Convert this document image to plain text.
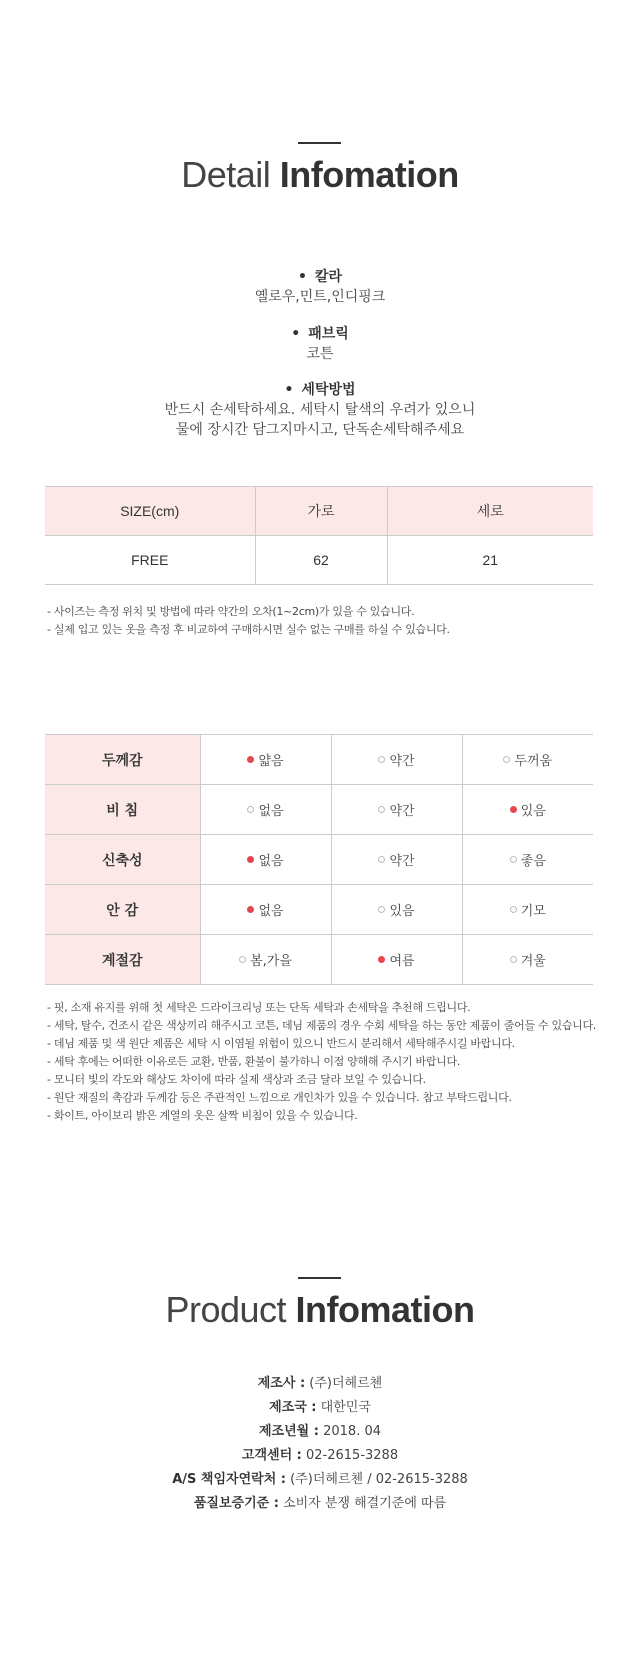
Detail Infomation
• 칼라
옐로우,민트,인디핑크
• 패브릭
코튼
• 세탁방법
반드시 손세탁하세요. 세탁시 탈색의 우려가 있으니
물에 장시간 담그지마시고, 단독손세탁해주세요
SIZE(cm)	가로	세로
FREE	62	21
- 사이즈는 측정 위치 및 방법에 따라 약간의 오차(1~2cm)가 있을 수 있습니다.
- 실제 입고 있는 옷을 측정 후 비교하여 구매하시면 실수 없는 구매를 하실 수 있습니다.
두께감	얇음	약간	두꺼움

비 침	없음	약간	있음

신축성	없음	약간	좋음

안 감	없음	있음	기모

계절감	봄,가을	여름	겨울
- 핏, 소재 유지를 위해 첫 세탁은 드라이크리닝 또는 단독 세탁과 손세탁을 추천해 드립니다.
- 세탁, 탈수, 건조시 같은 색상끼리 해주시고 코튼, 데님 제품의 경우 수회 세탁을 하는 동안 제품이 줄어들 수 있습니다.
- 데님 제품 및 색 원단 제품은 세탁 시 이염될 위험이 있으니 반드시 분리해서 세탁해주시길 바랍니다.
- 세탁 후에는 어떠한 이유로든 교환, 반품, 환불이 불가하니 이점 양해해 주시기 바랍니다.
- 모니터 빛의 각도와 해상도 차이에 따라 실제 색상과 조금 달라 보일 수 있습니다.
- 원단 재질의 촉감과 두께감 등은 주관적인 느낌으로 개인차가 있을 수 있습니다. 참고 부탁드립니다.
- 화이트, 아이보리 밝은 계열의 옷은 살짝 비침이 있을 수 있습니다.
Product Infomation
제조사 : (주)더헤르첸
제조국 : 대한민국
제조년월 : 2018. 04
고객센터 : 02-2615-3288
A/S 책임자연락처 : (주)더헤르첸 / 02-2615-3288
품질보증기준 : 소비자 분쟁 해결기준에 따름
